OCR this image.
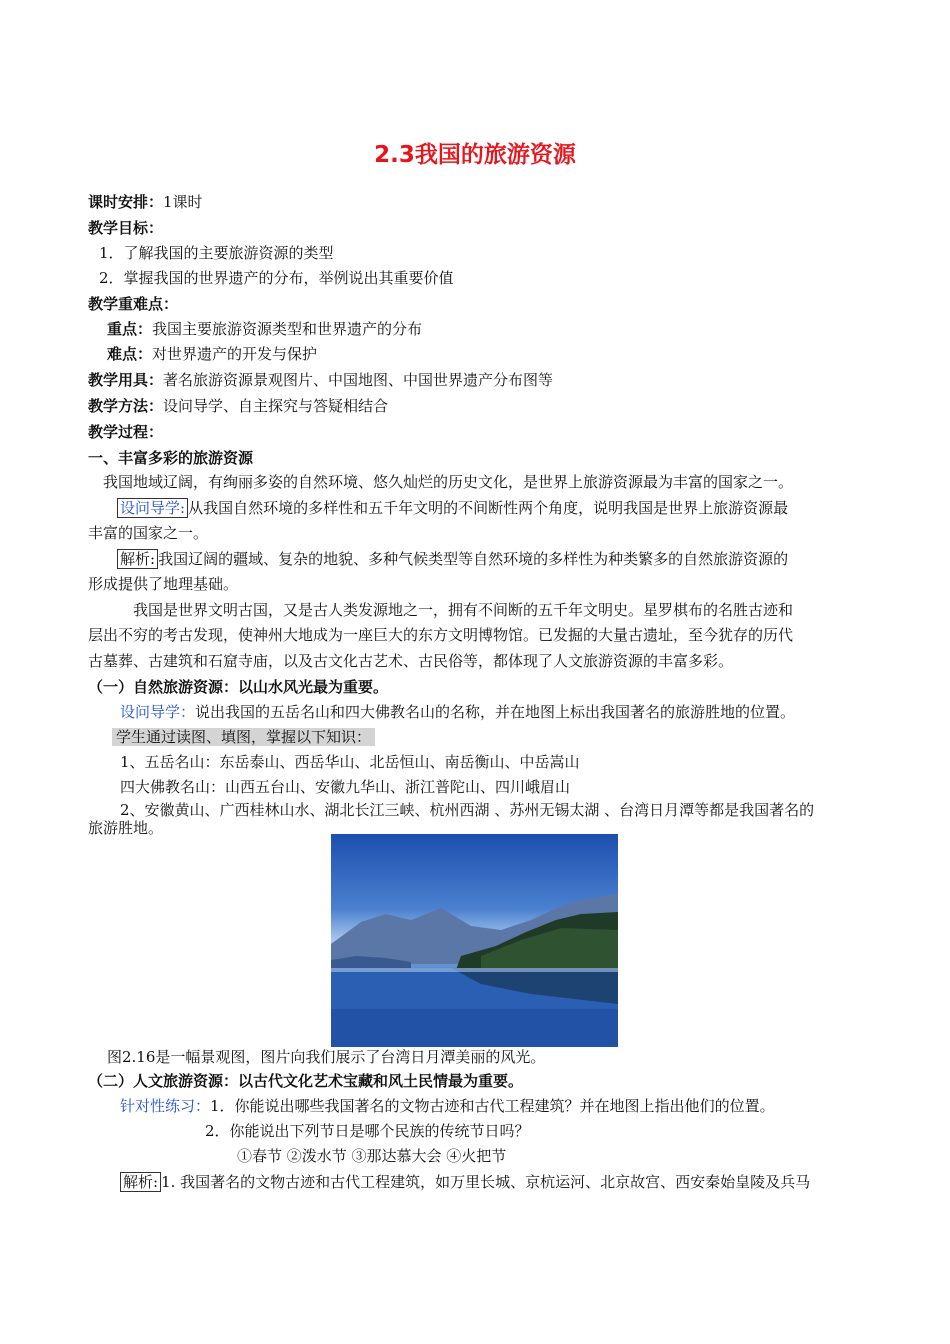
2.3我国的旅游资源
课时安排：1课时
教学目标：
1．了解我国的主要旅游资源的类型
2．掌握我国的世界遗产的分布，举例说出其重要价值
教学重难点：
重点：我国主要旅游资源类型和世界遗产的分布
难点：对世界遗产的开发与保护
教学用具：著名旅游资源景观图片、中国地图、中国世界遗产分布图等
教学方法：设问导学、自主探究与答疑相结合
教学过程：
一、丰富多彩的旅游资源
我国地域辽阔，有绚丽多姿的自然环境、悠久灿烂的历史文化，是世界上旅游资源最为丰富的国家之一。
设问导学: 从我国自然环境的多样性和五千年文明的不间断性两个角度，说明我国是世界上旅游资源最
丰富的国家之一。
解析: 我国辽阔的疆域、复杂的地貌、多种气候类型等自然环境的多样性为种类繁多的自然旅游资源的
形成提供了地理基础。
我国是世界文明古国，又是古人类发源地之一，拥有不间断的五千年文明史。星罗棋布的名胜古迹和
层出不穷的考古发现，使神州大地成为一座巨大的东方文明博物馆。已发掘的大量古遗址，至今犹存的历代
古墓葬、古建筑和石窟寺庙，以及古文化古艺术、古民俗等，都体现了人文旅游资源的丰富多彩。
（一）自然旅游资源：以山水风光最为重要。
设问导学：说出我国的五岳名山和四大佛教名山的名称，并在地图上标出我国著名的旅游胜地的位置。
学生通过读图、填图，掌握以下知识：
1、五岳名山：东岳泰山、西岳华山、北岳恒山、南岳衡山、中岳嵩山
四大佛教名山：山西五台山、安徽九华山、浙江普陀山、四川峨眉山
2、安徽黄山、广西桂林山水、湖北长江三峡、杭州西湖 、苏州无锡太湖 、台湾日月潭等都是我国著名的
旅游胜地。
图2.16是一幅景观图，图片向我们展示了台湾日月潭美丽的风光。
（二）人文旅游资源：以古代文化艺术宝藏和风土民情最为重要。
针对性练习：1．你能说出哪些我国著名的文物古迹和古代工程建筑？并在地图上指出他们的位置。
2．你能说出下列节日是哪个民族的传统节日吗？
①春节 ②泼水节 ③那达慕大会 ④火把节
解析: 1. 我国著名的文物古迹和古代工程建筑，如万里长城、京杭运河、北京故宫、西安秦始皇陵及兵马
